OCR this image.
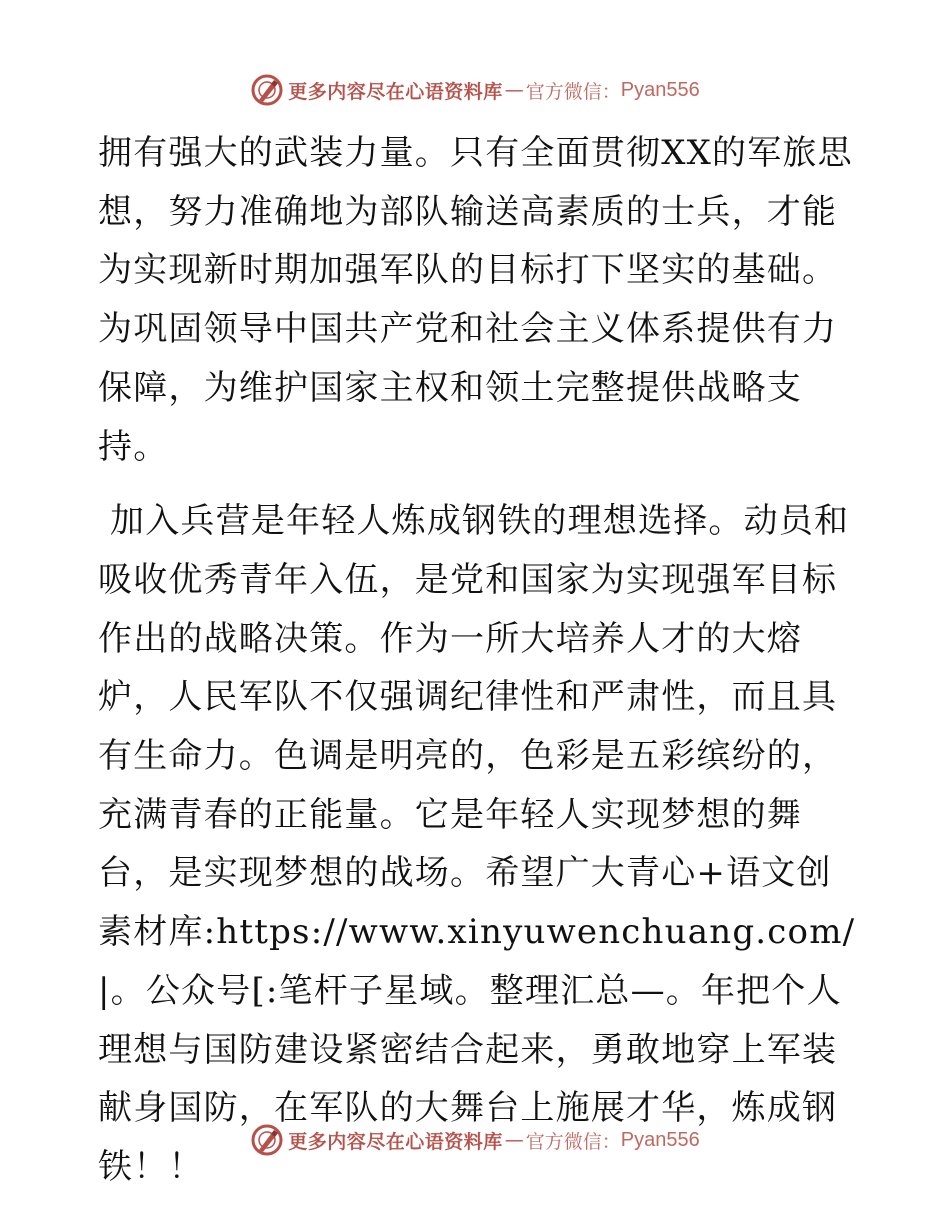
更多内容尽在心语资料库 — 官方微信： Pyan556

拥有强大的武装力量。只有全面贯彻XX的军旅思想，努力准确地为部队输送高素质的士兵，才能为实现新时期加强军队的目标打下坚实的基础。为巩固领导中国共产党和社会主义体系提供有力保障，为维护国家主权和领土完整提供战略支持。

加入兵营是年轻人炼成钢铁的理想选择。动员和吸收优秀青年入伍，是党和国家为实现强军目标作出的战略决策。作为一所大培养人才的大熔炉，人民军队不仅强调纪律性和严肃性，而且具有生命力。色调是明亮的，色彩是五彩缤纷的，充满青春的正能量。它是年轻人实现梦想的舞台，是实现梦想的战场。希望广大青心+语文创素材库:https://www.xinyuwenchuang.com/|。公众号[:笔杆子星域。整理汇总—。年把个人理想与国防建设紧密结合起来，勇敢地穿上军装献身国防，在军队的大舞台上施展才华，炼成钢铁！！

更多内容尽在心语资料库 — 官方微信： Pyan556
